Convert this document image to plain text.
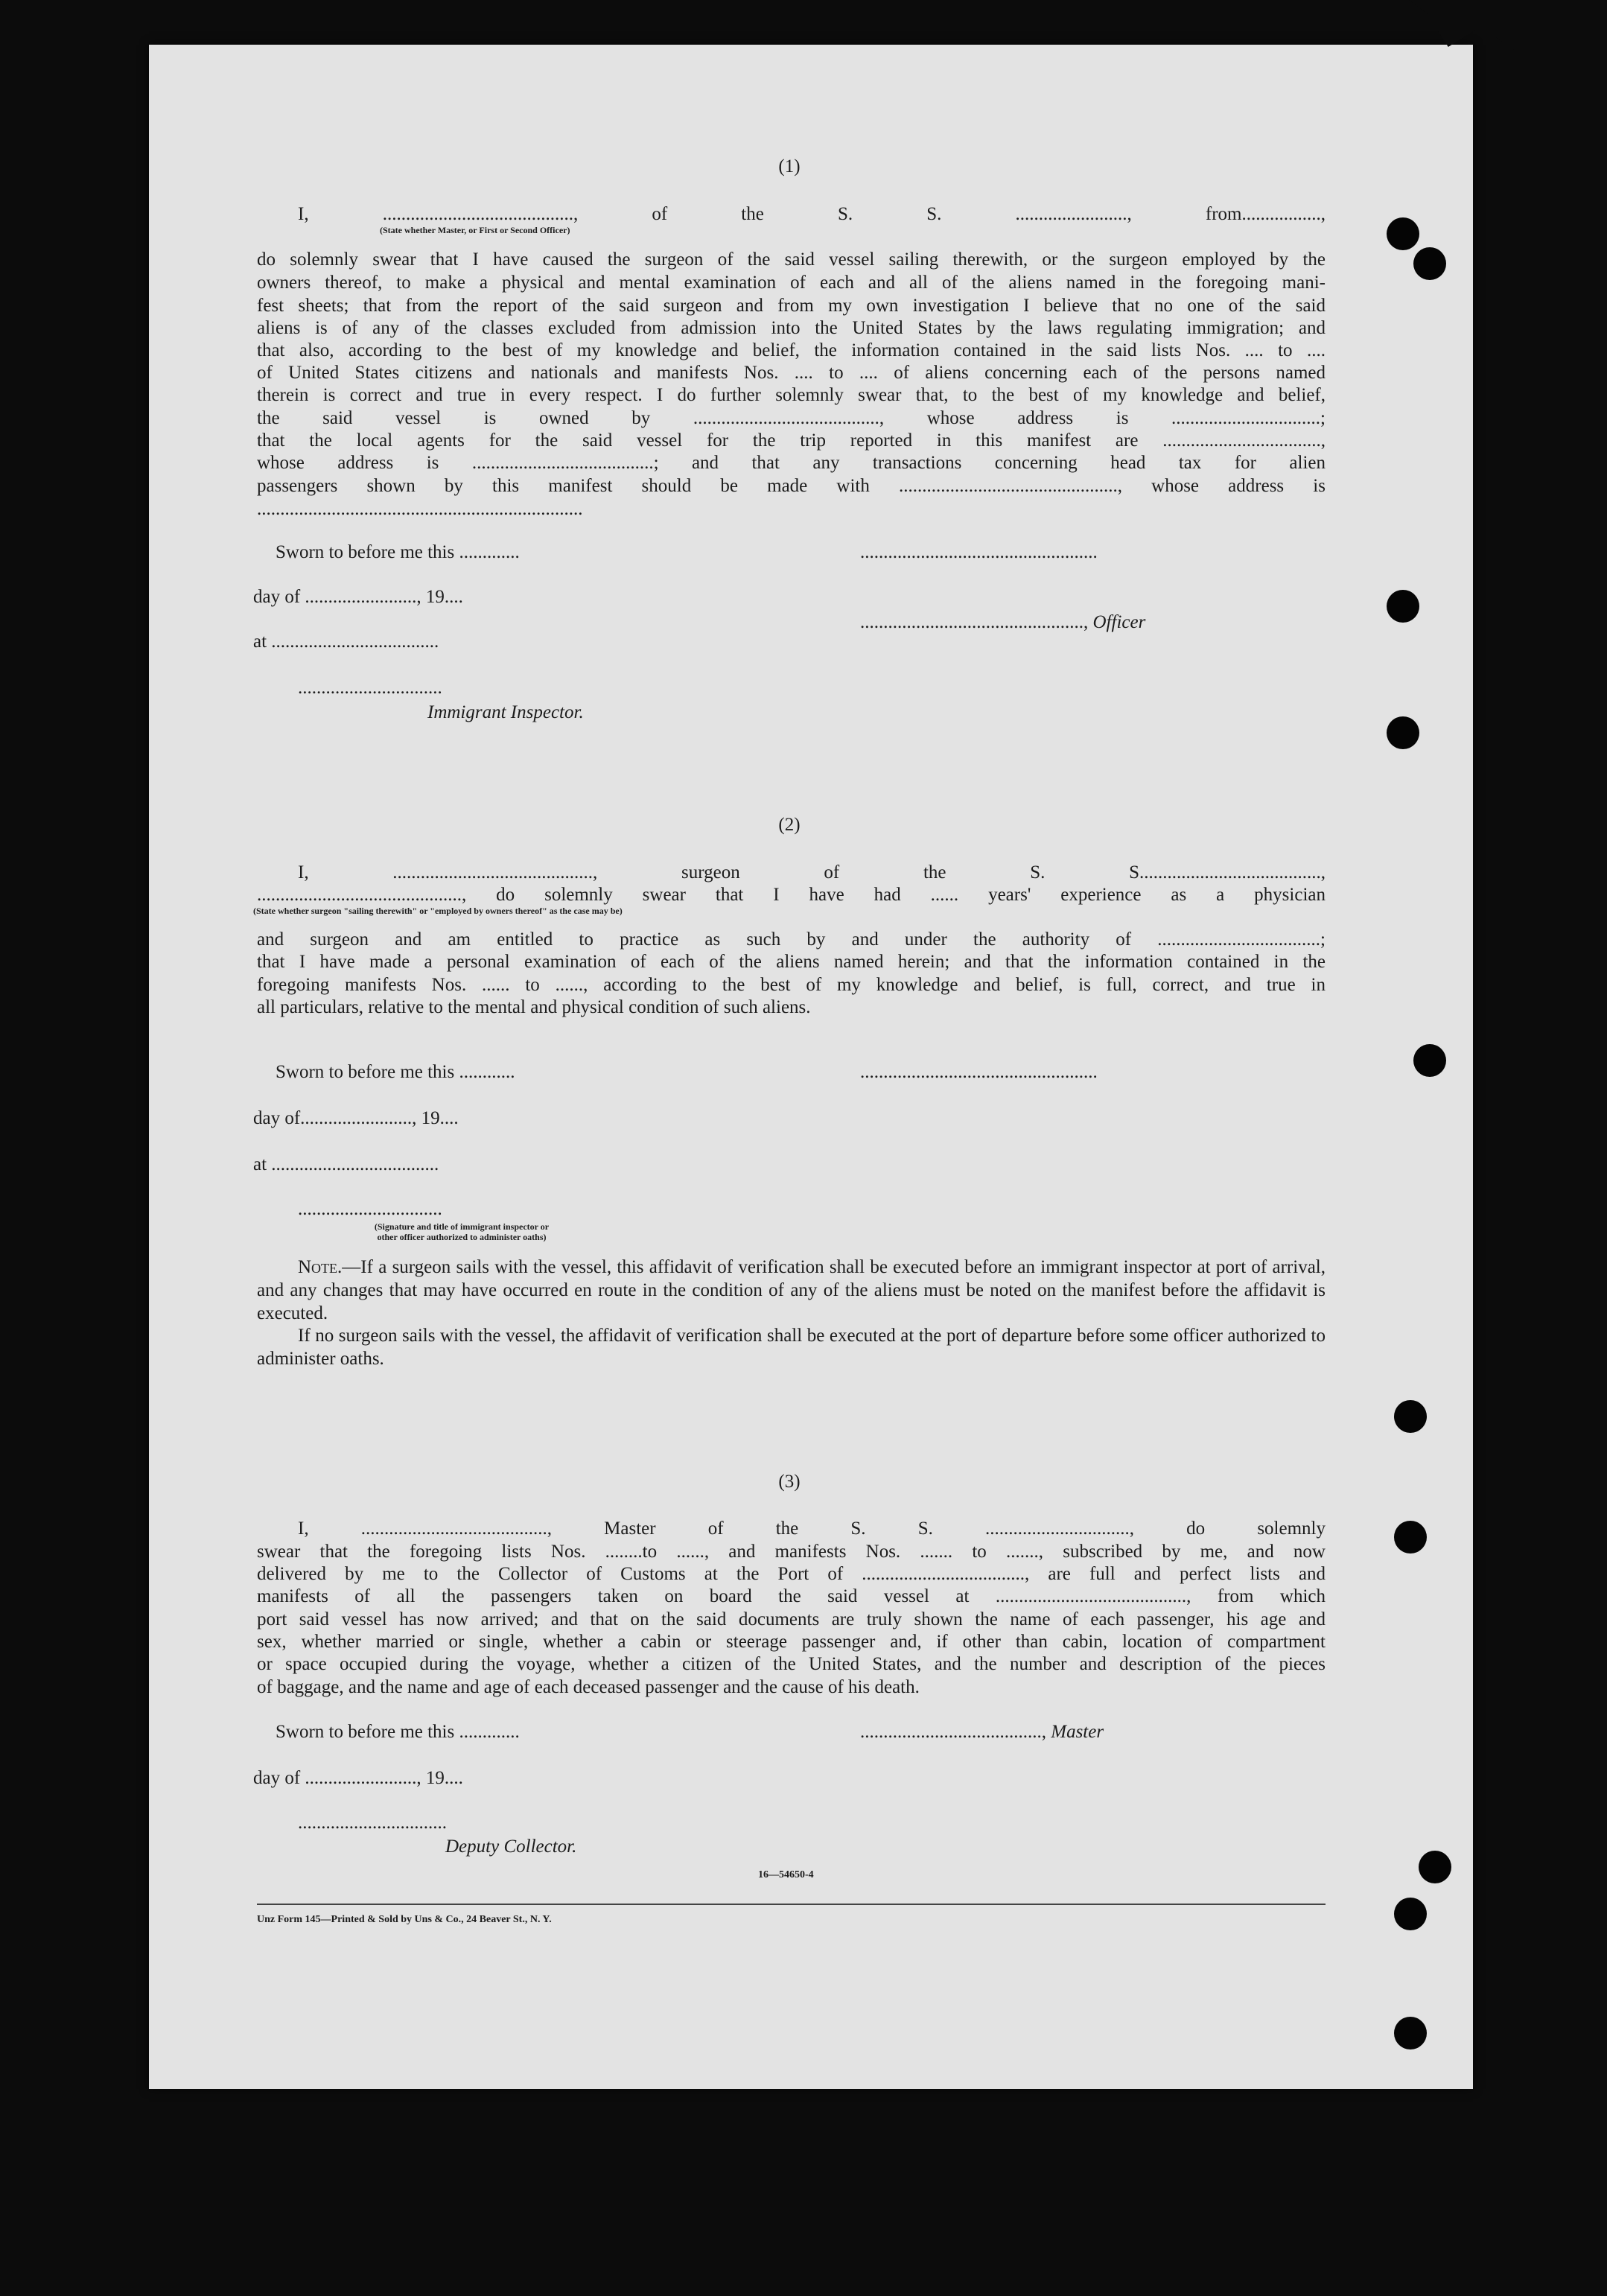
(1)
I, ........................................., of the S. S. ........................, from.................,
(State whether Master, or First or Second Officer)
do solemnly swear that I have caused the surgeon of the said vessel sailing therewith, or the surgeon employed by the
owners thereof, to make a physical and mental examination of each and all of the aliens named in the foregoing mani-
fest sheets; that from the report of the said surgeon and from my own investigation I believe that no one of the said
aliens is of any of the classes excluded from admission into the United States by the laws regulating immigration; and
that also, according to the best of my knowledge and belief, the information contained in the said lists Nos. .... to ....
of United States citizens and nationals and manifests Nos. .... to .... of aliens concerning each of the persons named
therein is correct and true in every respect. I do further solemnly swear that, to the best of my knowledge and belief,
the said vessel is owned by ........................................, whose address is ................................;
that the local agents for the said vessel for the trip reported in this manifest are ..................................,
whose address is .......................................; and that any transactions concerning head tax for alien
passengers shown by this manifest should be made with ..............................................., whose address is
......................................................................
Sworn to before me this .............	...................................................
day of ........................, 19....
at ....................................
................................................, Officer
...............................
Immigrant Inspector.
(2)
I, ..........................................., surgeon of the S. S.......................................,
............................................, do solemnly swear that I have had ...... years' experience as a physician
(State whether surgeon "sailing therewith" or "employed by owners thereof" as the case may be)
and surgeon and am entitled to practice as such by and under the authority of ...................................;
that I have made a personal examination of each of the aliens named herein; and that the information contained in the
foregoing manifests Nos. ...... to ......, according to the best of my knowledge and belief, is full, correct, and true in
all particulars, relative to the mental and physical condition of such aliens.
Sworn to before me this ............	...................................................
day of........................, 19....
at ....................................
...............................
(Signature and title of immigrant inspector or
other officer authorized to administer oaths)
Note.—If a surgeon sails with the vessel, this affidavit of verification shall be executed before an immigrant inspector at port of arrival, and any changes that may have occurred en route in the condition of any of the aliens must be noted on the manifest before the affidavit is executed.
If no surgeon sails with the vessel, the affidavit of verification shall be executed at the port of departure before some officer authorized to administer oaths.
(3)
I, ........................................, Master of the S. S. ..............................., do solemnly
swear that the foregoing lists Nos. ........to ......, and manifests Nos. ....... to ......., subscribed by me, and now
delivered by me to the Collector of Customs at the Port of ..................................., are full and perfect lists and
manifests of all the passengers taken on board the said vessel at ........................................., from which
port said vessel has now arrived; and that on the said documents are truly shown the name of each passenger, his age and
sex, whether married or single, whether a cabin or steerage passenger and, if other than cabin, location of compartment
or space occupied during the voyage, whether a citizen of the United States, and the number and description of the pieces
of baggage, and the name and age of each deceased passenger and the cause of his death.
Sworn to before me this .............	......................................., Master
day of ........................, 19....
................................
Deputy Collector.
16—54650-4
Unz Form 145—Printed & Sold by Uns & Co., 24 Beaver St., N. Y.
